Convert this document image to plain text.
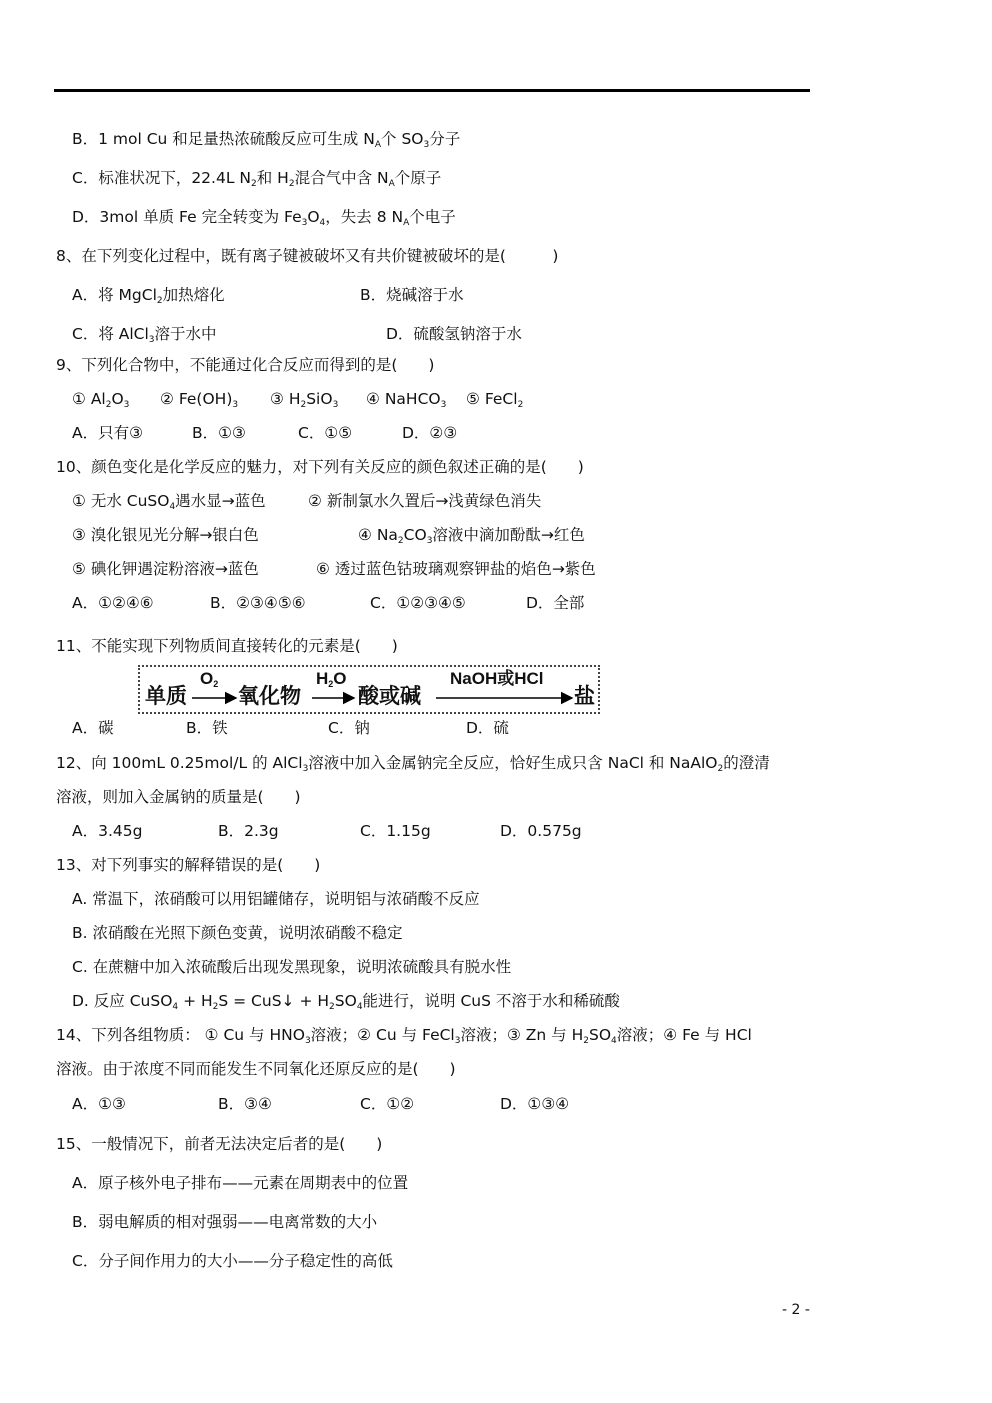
B．1 mol Cu 和足量热浓硫酸反应可生成 $N_A$个 $SO_3$分子
C．标准状况下，22.4L $N_2$和 $H_2$混合气中含 $N_A$个原子
D．3mol 单质 Fe 完全转变为 $Fe_3O_4$，失去 8 $N_A$个电子
8、在下列变化过程中，既有离子键被破坏又有共价键被破坏的是(　　　)
A．将 MgCl$_2$加热熔化	B．烧碱溶于水
C．将 AlCl$_3$溶于水中	D．硫酸氢钠溶于水
9、下列化合物中，不能通过化合反应而得到的是(　　)
① $Al_2O_3$ ② $Fe(OH)_3$ ③ $H_2SiO_3$ ④ NaHCO$_3$ ⑤ FeCl$_2$
A．只有③	B．①③	C．①⑤	D．②③
10、颜色变化是化学反应的魅力，对下列有关反应的颜色叙述正确的是(　　)
① 无水 CuSO$_4$遇水显→蓝色	② 新制氯水久置后→浅黄绿色消失
③ 溴化银见光分解→银白色	④ $Na_2CO_3$溶液中滴加酚酞→红色
⑤ 碘化钾遇淀粉溶液→蓝色	⑥ 透过蓝色钴玻璃观察钾盐的焰色→紫色
A．①②④⑥	B．②③④⑤⑥	C．①②③④⑤	D．全部
11、不能实现下列物质间直接转化的元素是(　　)
单质 氧化物	酸或碱	盐
$O_2$	$H_2O$	NaOH或HCl
A．碳	B．铁	C．钠	D．硫
12、向 100mL 0.25mol/L 的 AlCl$_3$溶液中加入金属钠完全反应，恰好生成只含 NaCl 和 NaAlO$_2$的澄清
溶液，则加入金属钠的质量是(　　)
A．3.45g	B．2.3g	C．1.15g	D．0.575g
13、对下列事实的解释错误的是(　　)
A. 常温下，浓硝酸可以用铝罐储存，说明铝与浓硝酸不反应
B. 浓硝酸在光照下颜色变黄，说明浓硝酸不稳定
C. 在蔗糖中加入浓硫酸后出现发黑现象，说明浓硫酸具有脱水性
D. 反应 CuSO$_4$ + $H_2S$ = CuS↓ + $H_2SO_4$能进行，说明 CuS 不溶于水和稀硫酸
14、下列各组物质： ① Cu 与 $HNO_3$溶液；② Cu 与 FeCl$_3$溶液；③ Zn 与 $H_2SO_4$溶液；④ Fe 与 HCl
溶液。由于浓度不同而能发生不同氧化还原反应的是(　　)
A．①③	B．③④	C．①②	D．①③④
15、一般情况下，前者无法决定后者的是(　　)
A．原子核外电子排布——元素在周期表中的位置
B．弱电解质的相对强弱——电离常数的大小
C．分子间作用力的大小——分子稳定性的高低
- 2 -
